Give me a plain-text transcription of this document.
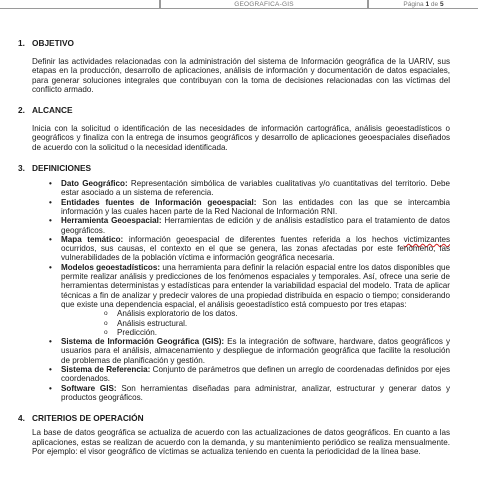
GEOGRAFICA-GIS	Página 1 de 5
1. OBJETIVO

Definir las actividades relacionadas con la administración del sistema de Información geográfica de la UARIV, sus etapas en la producción, desarrollo de aplicaciones, análisis de información y documentación de datos espaciales, para generar soluciones integrales que contribuyan con la toma de decisiones relacionadas con las víctimas del conflicto armado.

2. ALCANCE

Inicia con la solicitud o identificación de las necesidades de información cartográfica, análisis geoestadísticos o geográficos y finaliza con la entrega de insumos geográficos y desarrollo de aplicaciones geoespaciales diseñados de acuerdo con la solicitud o la necesidad identificada.

3. DEFINICIONES
• Dato Geográfico: Representación simbólica de variables cualitativas y/o cuantitativas del territorio. Debe estar asociado a un sistema de referencia.
• Entidades fuentes de Información geoespacial: Son las entidades con las que se intercambia información y las cuales hacen parte de la Red Nacional de Información RNI.
• Herramienta Geoespacial: Herramientas de edición y de análisis estadístico para el tratamiento de datos geográficos.
• Mapa temático: información geoespacial de diferentes fuentes referida a los hechos victimizantes ocurridos, sus causas, el contexto en el que se genera, las zonas afectadas por este fenómeno, las vulnerabilidades de la población víctima e información geográfica necesaria.
• Modelos geoestadísticos: una herramienta para definir la relación espacial entre los datos disponibles que permite realizar análisis y predicciones de los fenómenos espaciales y temporales. Así, ofrece una serie de herramientas deterministas y estadísticas para entender la variabilidad espacial del modelo. Trata de aplicar técnicas a fin de analizar y predecir valores de una propiedad distribuida en espacio o tiempo; considerando que existe una dependencia espacial, el análisis geoestadístico está compuesto por tres etapas:
o Análisis exploratorio de los datos.
o Análisis estructural.
o Predicción.
• Sistema de Información Geográfica (GIS): Es la integración de software, hardware, datos geográficos y usuarios para el análisis, almacenamiento y despliegue de información geográfica que facilite la resolución de problemas de planificación y gestión.
• Sistema de Referencia: Conjunto de parámetros que definen un arreglo de coordenadas definidos por ejes coordenados.
• Software GIS: Son herramientas diseñadas para administrar, analizar, estructurar y generar datos y productos geográficos.
4. CRITERIOS DE OPERACIÓN

La base de datos geográfica se actualiza de acuerdo con las actualizaciones de datos geográficos. En cuanto a las aplicaciones, estas se realizan de acuerdo con la demanda, y su mantenimiento periódico se realiza mensualmente. Por ejemplo: el visor geográfico de víctimas se actualiza teniendo en cuenta la periodicidad de la línea base.
